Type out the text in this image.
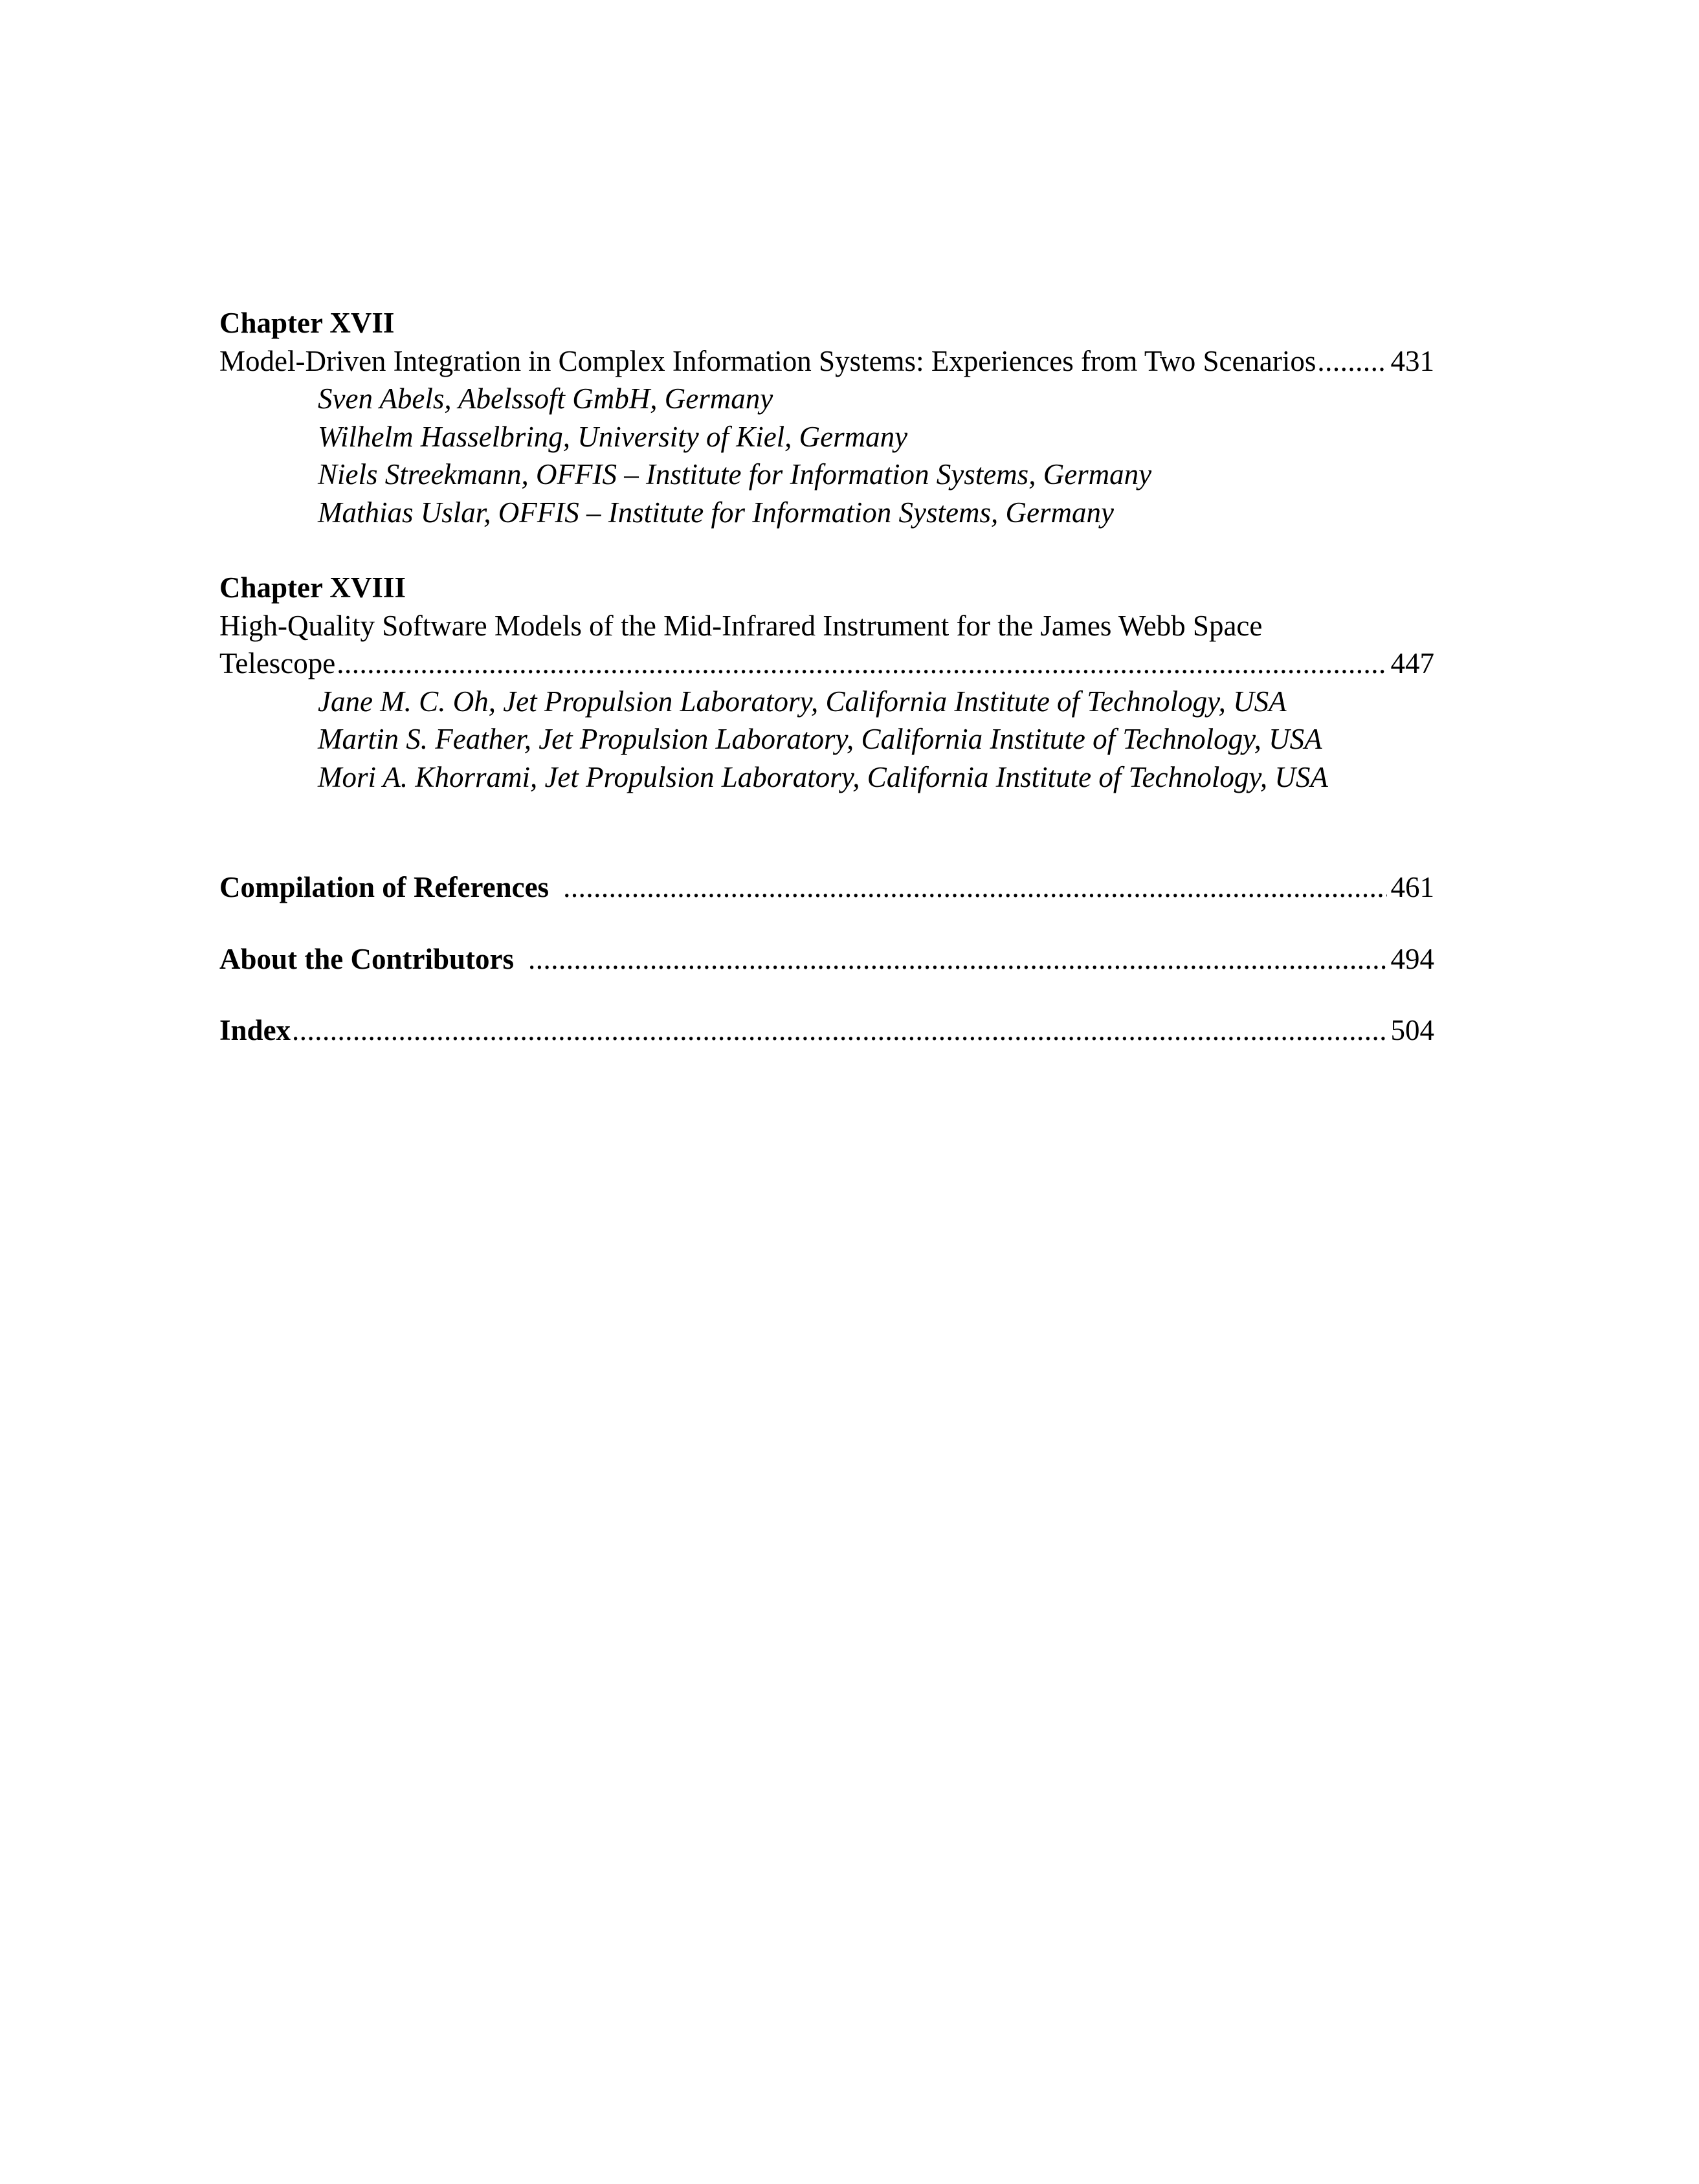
Chapter XVII
Model-Driven Integration in Complex Information Systems: Experiences from Two Scenarios .....	431
Sven Abels, Abelssoft GmbH, Germany
Wilhelm Hasselbring, University of Kiel, Germany
Niels Streekmann, OFFIS – Institute for Information Systems, Germany
Mathias Uslar, OFFIS – Institute for Information Systems, Germany
Chapter XVIII
High-Quality Software Models of the Mid-Infrared Instrument for the James Webb Space
Telescope .....	447
Jane M. C. Oh, Jet Propulsion Laboratory, California Institute of Technology, USA
Martin S. Feather, Jet Propulsion Laboratory, California Institute of Technology, USA
Mori A. Khorrami, Jet Propulsion Laboratory, California Institute of Technology, USA
Compilation of References .....	461
About the Contributors .....	494
Index .....	504
